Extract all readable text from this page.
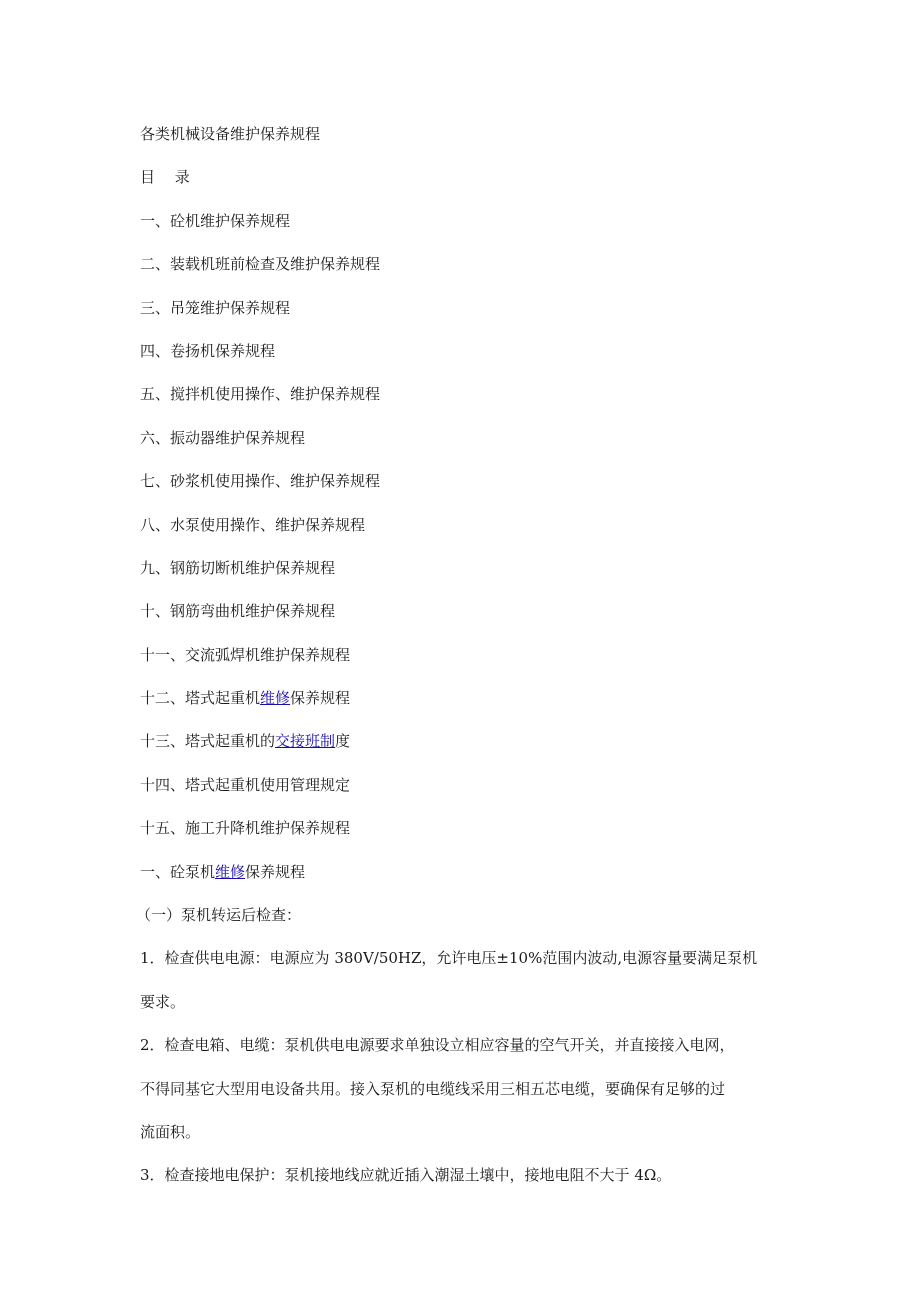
各类机械设备维护保养规程
目　 录
一、砼机维护保养规程
二、装载机班前检查及维护保养规程
三、吊笼维护保养规程
四、卷扬机保养规程
五、搅拌机使用操作、维护保养规程
六、振动器维护保养规程
七、砂浆机使用操作、维护保养规程
八、水泵使用操作、维护保养规程
九、钢筋切断机维护保养规程
十、钢筋弯曲机维护保养规程
十一、交流弧焊机维护保养规程
十二、塔式起重机维修保养规程
十三、塔式起重机的交接班制度
十四、塔式起重机使用管理规定
十五、施工升降机维护保养规程
一、砼泵机维修保养规程
（一）泵机转运后检查：
1．检查供电电源：电源应为 380V/50HZ，允许电压±10%范围内波动,电源容量要满足泵机
要求。
2．检查电箱、电缆：泵机供电电源要求单独设立相应容量的空气开关，并直接接入电网，
不得同基它大型用电设备共用。接入泵机的电缆线采用三相五芯电缆，要确保有足够的过
流面积。
3．检查接地电保护：泵机接地线应就近插入潮湿土壤中，接地电阻不大于 4Ω。
